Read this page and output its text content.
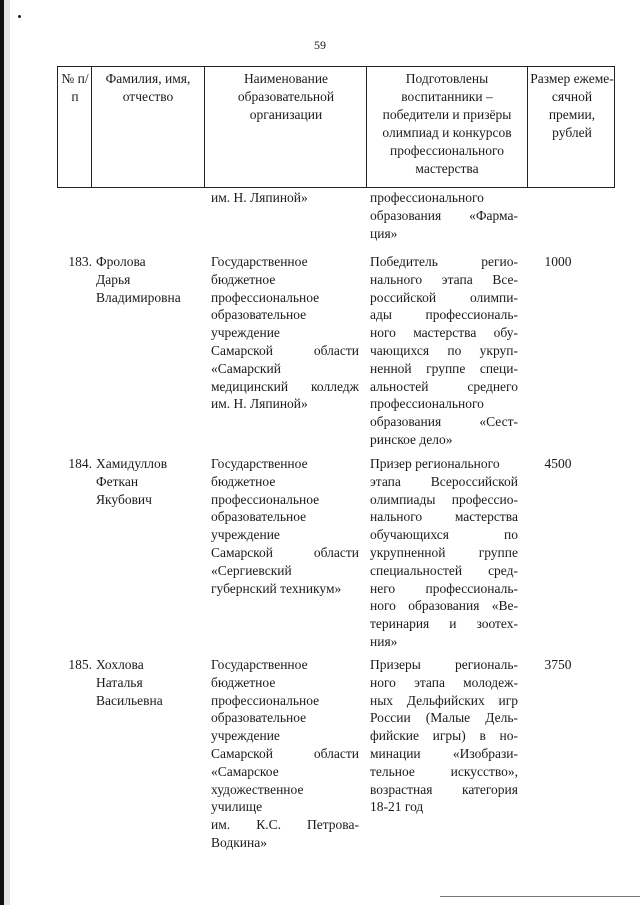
59
№ п/п
Фамилия, имя, отчество
Наименование образовательной организации
Подготовлены воспитанники – победители и призёры олимпиад и конкурсов профессионального мастерства
Размер ежеме-сячной премии, рублей
им. Н. Ляпиной»	профессионального
образования «Фарма-
ция»
183. Фролова
Дарья
Владимировна
Государственное
бюджетное
профессиональное
образовательное
учреждение
Самарской области
«Самарский
медицинский колледж
им. Н. Ляпиной»
Победитель регио-
нального этапа Все-
российской олимпи-
ады профессиональ-
ного мастерства обу-
чающихся по укруп-
ненной группе специ-
альностей среднего
профессионального
образования «Сест-
ринское дело»
1000
184. Хамидуллов
Феткан
Якубович
Государственное
бюджетное
профессиональное
образовательное
учреждение
Самарской области
«Сергиевский
губернский техникум»
Призер регионального
этапа Всероссийской
олимпиады профессио-
нального мастерства
обучающихся по
укрупненной группе
специальностей сред-
него профессиональ-
ного образования «Ве-
теринария и зоотех-
ния»
4500
185. Хохлова
Наталья
Васильевна
Государственное
бюджетное
профессиональное
образовательное
учреждение
Самарской области
«Самарское
художественное
училище
им. К.С. Петрова-
Водкина»
Призеры региональ-
ного этапа молодеж-
ных Дельфийских игр
России (Малые Дель-
фийские игры) в но-
минации «Изобрази-
тельное искусство»,
возрастная категория
18-21 год
3750
